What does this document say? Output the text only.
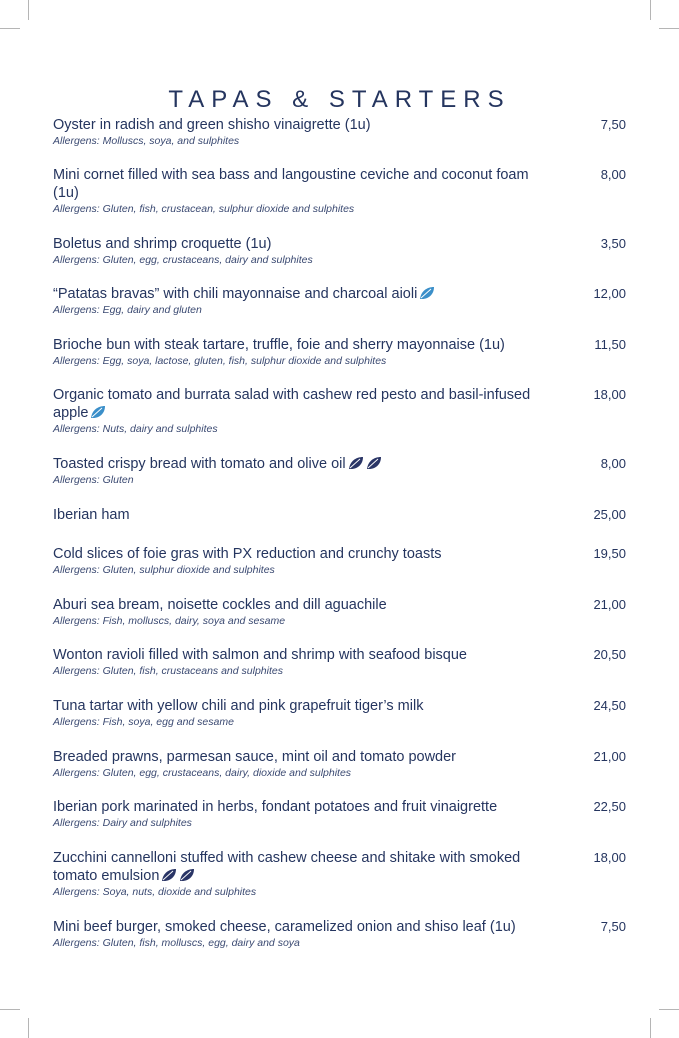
TAPAS & STARTERS
Oyster in radish and green shisho vinaigrette (1u)
Allergens: Molluscs, soya, and sulphites
7,50
Mini cornet filled with sea bass and langoustine ceviche and coconut foam (1u)
Allergens: Gluten, fish, crustacean, sulphur dioxide and sulphites
8,00
Boletus and shrimp croquette (1u)
Allergens: Gluten, egg, crustaceans, dairy and sulphites
3,50
“Patatas bravas” with chili mayonnaise and charcoal aioli
Allergens: Egg, dairy and gluten
12,00
Brioche bun with steak tartare, truffle, foie and sherry mayonnaise (1u)
Allergens: Egg, soya, lactose, gluten, fish, sulphur dioxide and sulphites
11,50
Organic tomato and burrata salad with cashew red pesto and basil-infused apple
Allergens: Nuts, dairy and sulphites
18,00
Toasted crispy bread with tomato and olive oil
Allergens: Gluten
8,00
Iberian ham	25,00
Cold slices of foie gras with PX reduction and crunchy toasts
Allergens: Gluten, sulphur dioxide and sulphites
19,50
Aburi sea bream, noisette cockles and dill aguachile
Allergens: Fish, molluscs, dairy, soya and sesame
21,00
Wonton ravioli filled with salmon and shrimp with seafood bisque
Allergens: Gluten, fish, crustaceans and sulphites
20,50
Tuna tartar with yellow chili and pink grapefruit tiger’s milk
Allergens: Fish, soya, egg and sesame
24,50
Breaded prawns, parmesan sauce, mint oil and tomato powder
Allergens: Gluten, egg, crustaceans, dairy, dioxide and sulphites
21,00
Iberian pork marinated in herbs, fondant potatoes and fruit vinaigrette
Allergens: Dairy and sulphites
22,50
Zucchini cannelloni stuffed with cashew cheese and shitake with smoked tomato emulsion
Allergens: Soya, nuts, dioxide and sulphites
18,00
Mini beef burger, smoked cheese, caramelized onion and shiso leaf (1u)
Allergens: Gluten, fish, molluscs, egg, dairy and soya
7,50
